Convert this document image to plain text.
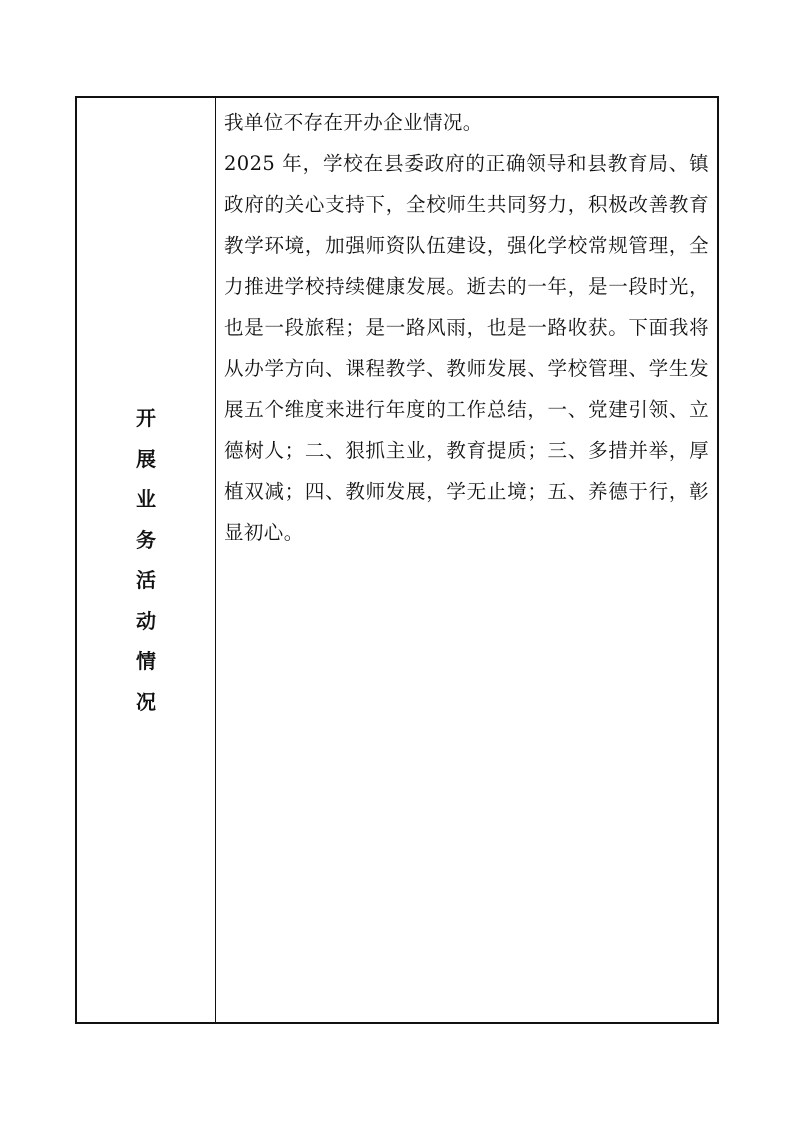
开
展
业
务
活
动
情
况

我单位不存在开办企业情况。

2025 年，学校在县委政府的正确领导和县教育局、镇政府的关心支持下，全校师生共同努力，积极改善教育教学环境，加强师资队伍建设，强化学校常规管理，全力推进学校持续健康发展。逝去的一年，是一段时光，也是一段旅程；是一路风雨，也是一路收获。下面我将从办学方向、课程教学、教师发展、学校管理、学生发展五个维度来进行年度的工作总结，一、党建引领、立德树人；二、狠抓主业，教育提质；三、多措并举，厚植双减；四、教师发展，学无止境；五、养德于行，彰显初心。
